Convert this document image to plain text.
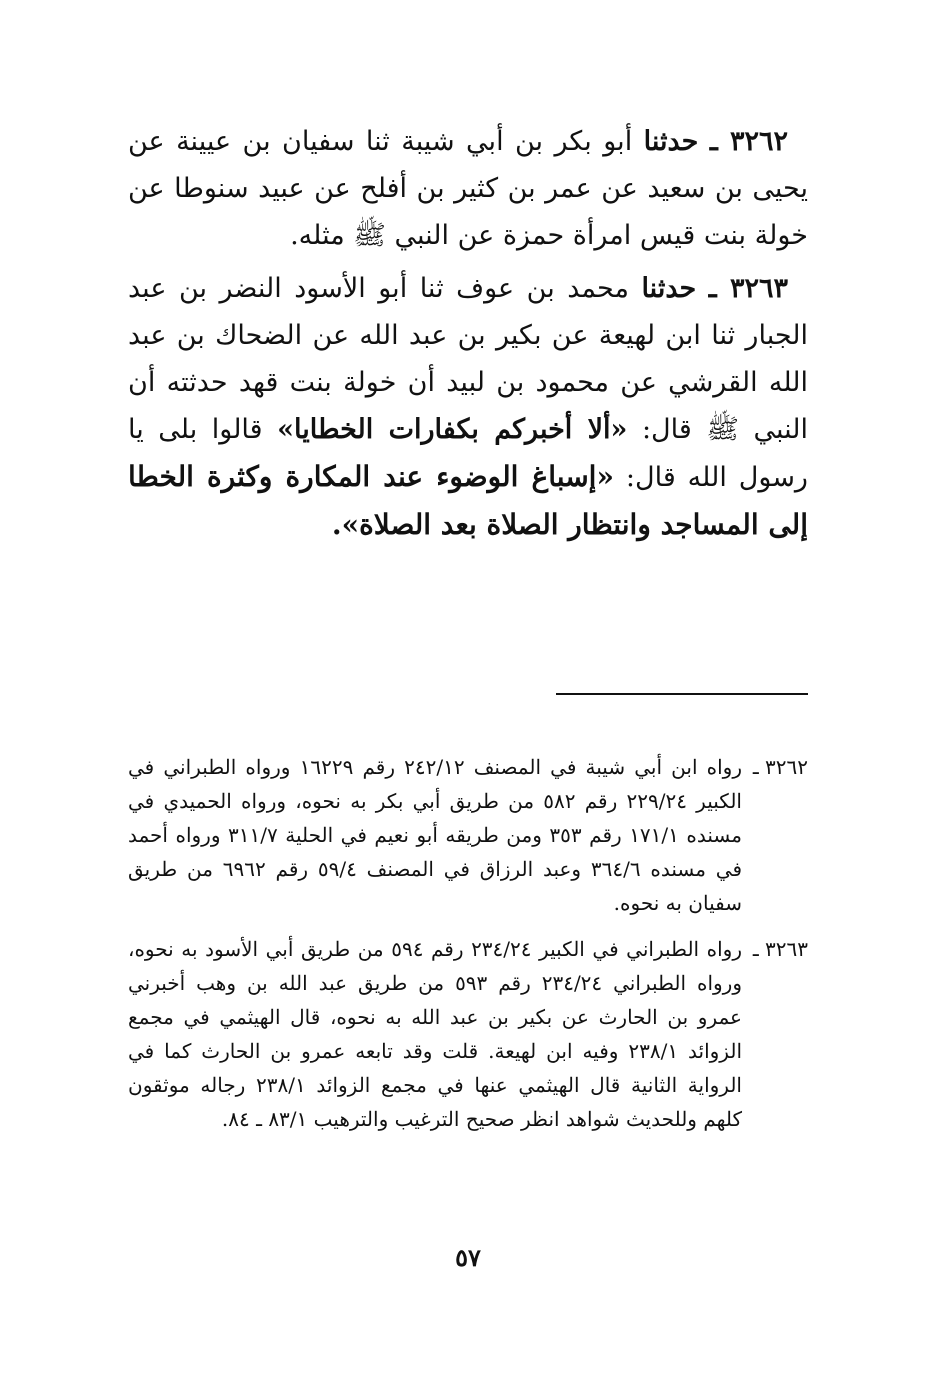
٣٢٦٢ ـ حدثنا أبو بكر بن أبي شيبة ثنا سفيان بن عيينة عن يحيى بن سعيد عن عمر بن كثير بن أفلح عن عبيد سنوطا عن خولة بنت قيس امرأة حمزة عن النبي ﷺ مثله.

٣٢٦٣ ـ حدثنا محمد بن عوف ثنا أبو الأسود النضر بن عبد الجبار ثنا ابن لهيعة عن بكير بن عبد الله عن الضحاك بن عبد الله القرشي عن محمود بن لبيد أن خولة بنت قهد حدثته أن النبي ﷺ قال: «ألا أخبركم بكفارات الخطايا» قالوا بلى يا رسول الله قال: «إسباغ الوضوء عند المكارة وكثرة الخطا إلى المساجد وانتظار الصلاة بعد الصلاة».

٣٢٦٢ ـرواه ابن أبي شيبة في المصنف ٢٤٢/١٢ رقم ١٦٢٢٩ ورواه الطبراني في الكبير ٢٢٩/٢٤ رقم ٥٨٢ من طريق أبي بكر به نحوه، ورواه الحميدي في مسنده ١٧١/١ رقم ٣٥٣ ومن طريقه أبو نعيم في الحلية ٣١١/٧ ورواه أحمد في مسنده ٣٦٤/٦ وعبد الرزاق في المصنف ٥٩/٤ رقم ٦٩٦٢ من طريق سفيان به نحوه.

٣٢٦٣ ـرواه الطبراني في الكبير ٢٣٤/٢٤ رقم ٥٩٤ من طريق أبي الأسود به نحوه، ورواه الطبراني ٢٣٤/٢٤ رقم ٥٩٣ من طريق عبد الله بن وهب أخبرني عمرو بن الحارث عن بكير بن عبد الله به نحوه، قال الهيثمي في مجمع الزوائد ٢٣٨/١ وفيه ابن لهيعة. قلت وقد تابعه عمرو بن الحارث كما في الرواية الثانية قال الهيثمي عنها في مجمع الزوائد ٢٣٨/١ رجاله موثقون كلهم وللحديث شواهد انظر صحيح الترغيب والترهيب ٨٣/١ ـ ٨٤.

٥٧
